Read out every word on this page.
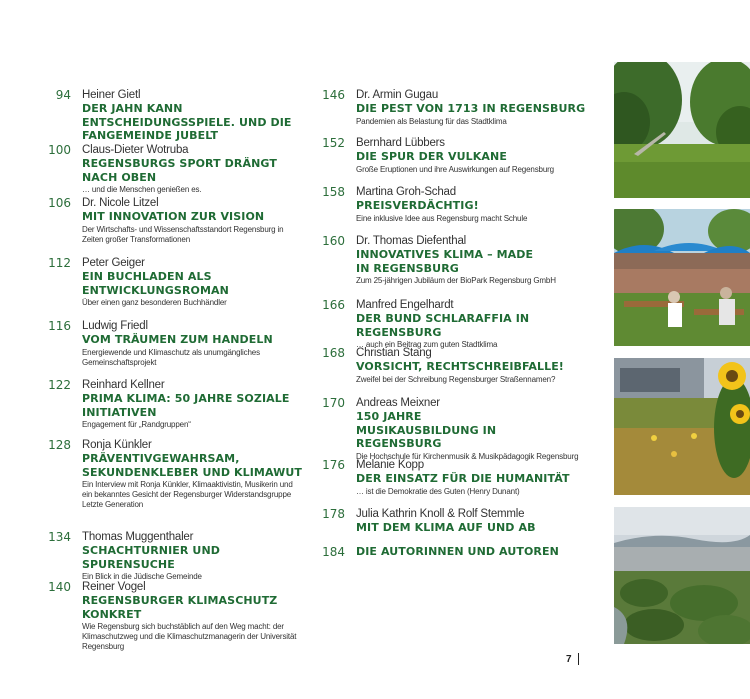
94 Heiner Gietl
DER JAHN KANN ENTSCHEIDUNGSSPIELE. UND DIE FANGEMEINDE JUBELT
100 Claus-Dieter Wotruba
REGENSBURGS SPORT DRÄNGT NACH OBEN
… und die Menschen genießen es.
106 Dr. Nicole Litzel
MIT INNOVATION ZUR VISION
Der Wirtschafts- und Wissenschaftsstandort Regensburg in Zeiten großer Transformationen
112 Peter Geiger
EIN BUCHLADEN ALS ENTWICKLUNGSROMAN
Über einen ganz besonderen Buchhändler
116 Ludwig Friedl
VOM TRÄUMEN ZUM HANDELN
Energiewende und Klimaschutz als unumgängliches Gemeinschaftsprojekt
122 Reinhard Kellner
PRIMA KLIMA: 50 JAHRE SOZIALE INITIATIVEN
Engagement für „Randgruppen“
128 Ronja Künkler
PRÄVENTIVGEWAHRSAM, SEKUNDENKLEBER UND KLIMAWUT
Ein Interview mit Ronja Künkler, Klimaaktivistin, Musikerin und ein bekanntes Gesicht der Regensburger Widerstandsgruppe Letzte Generation
134 Thomas Muggenthaler
SCHACHTURNIER UND SPURENSUCHE
Ein Blick in die Jüdische Gemeinde
140 Reiner Vogel
REGENSBURGER KLIMASCHUTZ KONKRET
Wie Regensburg sich buchstäblich auf den Weg macht: der Klimaschutzweg und die Klimaschutzmanagerin der Universität Regensburg
146 Dr. Armin Gugau
DIE PEST VON 1713 IN REGENSBURG
Pandemien als Belastung für das Stadtklima
152 Bernhard Lübbers
DIE SPUR DER VULKANE
Große Eruptionen und ihre Auswirkungen auf Regensburg
158 Martina Groh-Schad
PREISVERDÄCHTIG!
Eine inklusive Idee aus Regensburg macht Schule
160 Dr. Thomas Diefenthal
INNOVATIVES KLIMA – MADE IN REGENSBURG
Zum 25-jährigen Jubiläum der BioPark Regensburg GmbH
166 Manfred Engelhardt
DER BUND SCHLARAFFIA IN REGENSBURG
… auch ein Beitrag zum guten Stadtklima
168 Christian Stang
VORSICHT, RECHTSCHREIBFALLE!
Zweifel bei der Schreibung Regensburger Straßennamen?
170 Andreas Meixner
150 JAHRE MUSIKAUSBILDUNG IN REGENSBURG
Die Hochschule für Kirchenmusik & Musikpädagogik Regensburg
176 Melanie Kopp
DER EINSATZ FÜR DIE HUMANITÄT
… ist die Demokratie des Guten (Henry Dunant)
178 Julia Kathrin Knoll & Rolf Stemmle
MIT DEM KLIMA AUF UND AB
184 DIE AUTORINNEN UND AUTOREN
7
